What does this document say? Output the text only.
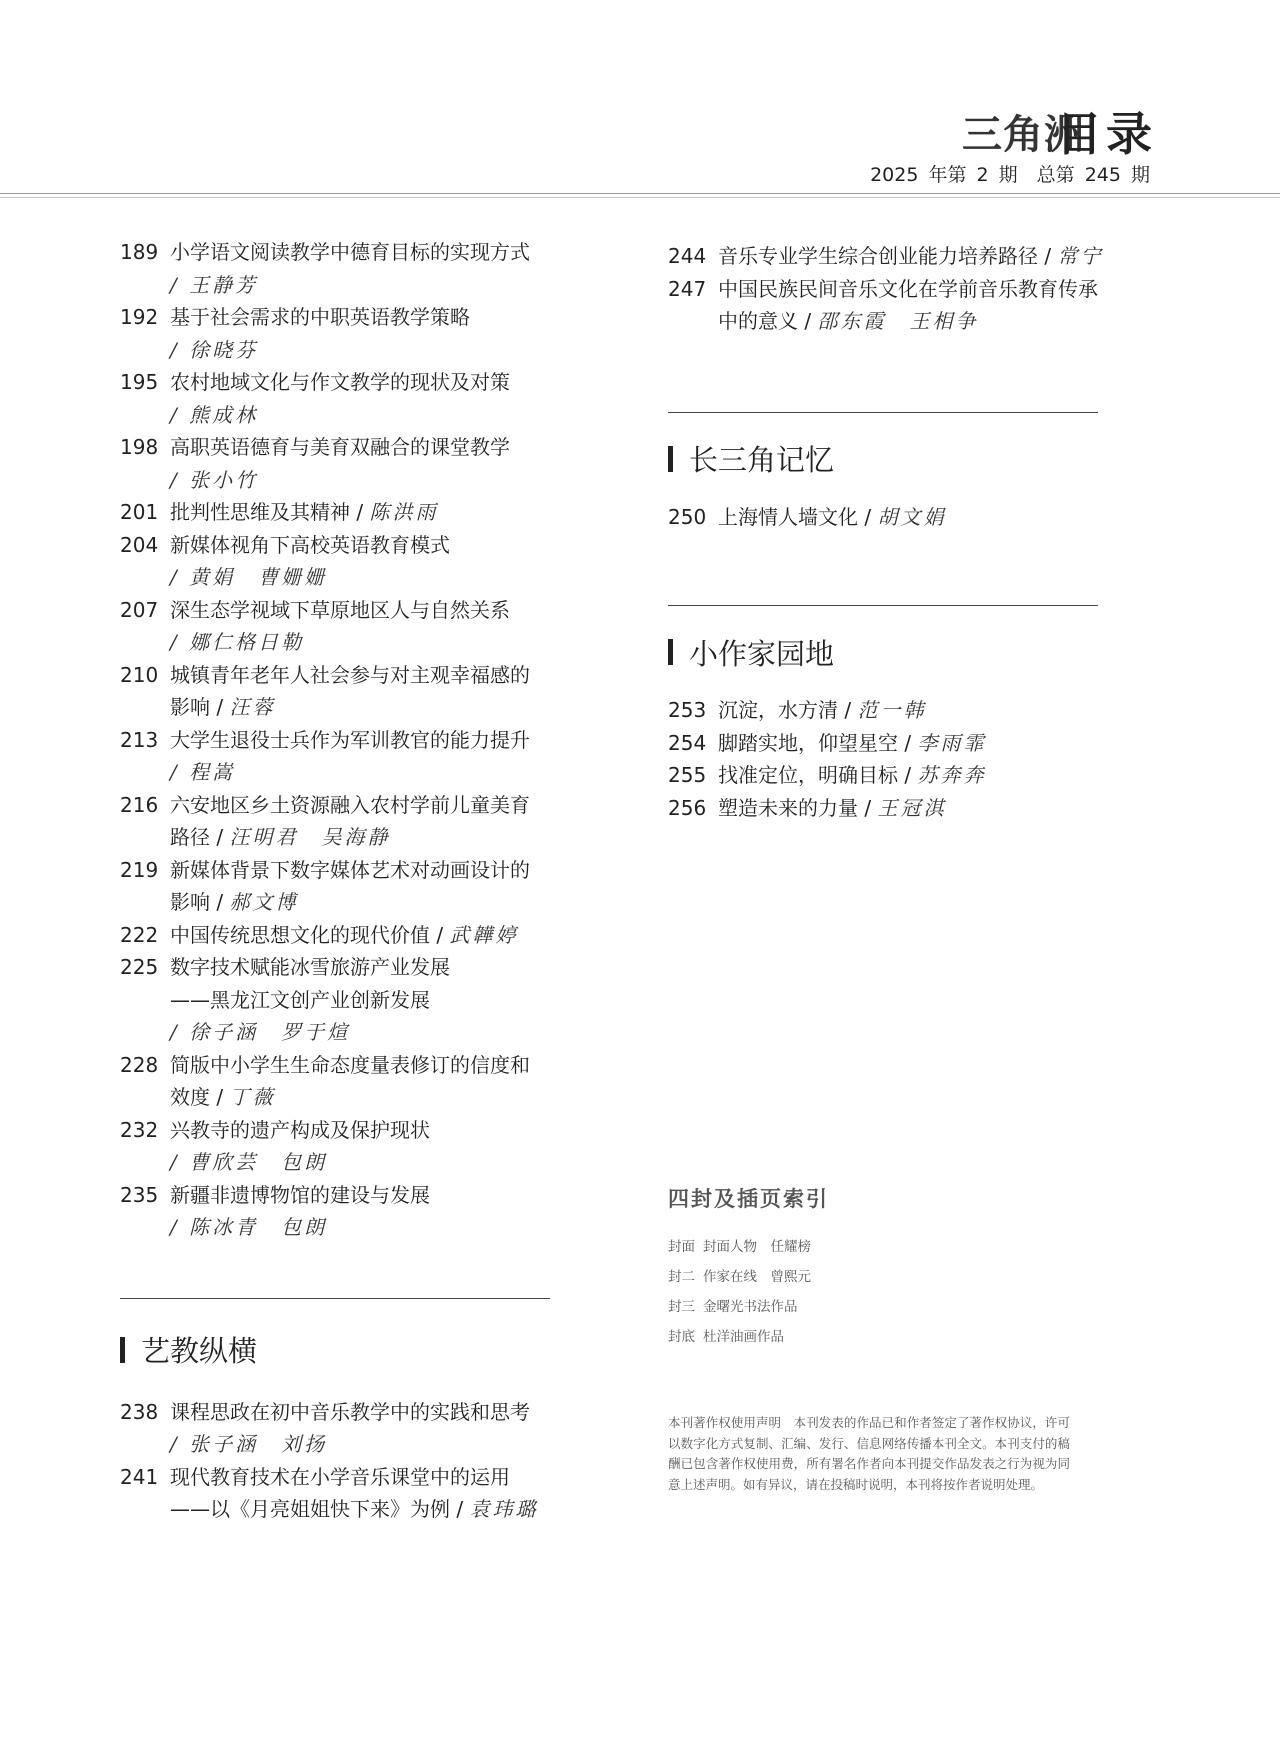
三角洲
目录
2025 年第 2 期　总第 245 期
189 小学语文阅读教学中德育目标的实现方式
/ 王静芳
192 基于社会需求的中职英语教学策略
/ 徐晓芬
195 农村地域文化与作文教学的现状及对策
/ 熊成林
198 高职英语德育与美育双融合的课堂教学
/ 张小竹
201 批判性思维及其精神 / 陈洪雨
204 新媒体视角下高校英语教育模式
/ 黄娟　曹姗姗
207 深生态学视域下草原地区人与自然关系
/ 娜仁格日勒
210 城镇青年老年人社会参与对主观幸福感的
影响 / 汪蓉
213 大学生退役士兵作为军训教官的能力提升
/ 程嵩
216 六安地区乡土资源融入农村学前儿童美育
路径 / 汪明君　吴海静
219 新媒体背景下数字媒体艺术对动画设计的
影响 / 郝文博
222 中国传统思想文化的现代价值 / 武韡婷
225 数字技术赋能冰雪旅游产业发展
——黑龙江文创产业创新发展
/ 徐子涵　罗于煊
228 简版中小学生生命态度量表修订的信度和
效度 / 丁薇
232 兴教寺的遗产构成及保护现状
/ 曹欣芸　包朗
235 新疆非遗博物馆的建设与发展
/ 陈冰青　包朗
艺教纵横
238 课程思政在初中音乐教学中的实践和思考
/ 张子涵　刘扬
241 现代教育技术在小学音乐课堂中的运用
——以《月亮姐姐快下来》为例 / 袁玮璐
244 音乐专业学生综合创业能力培养路径 / 常宁
247 中国民族民间音乐文化在学前音乐教育传承
中的意义 / 邵东霞　王相争
长三角记忆
250 上海情人墙文化 / 胡文娟
小作家园地
253 沉淀，水方清 / 范一韩
254 脚踏实地，仰望星空 / 李雨霏
255 找准定位，明确目标 / 苏奔奔
256 塑造未来的力量 / 王冠淇
四封及插页索引
封面 封面人物　任耀榜
封二 作家在线　曾熙元
封三 金曙光书法作品
封底 杜洋油画作品
本刊著作权使用声明　本刊发表的作品已和作者签定了著作权协议，许可以数字化方式复制、汇编、发行、信息网络传播本刊全文。本刊支付的稿酬已包含著作权使用费，所有署名作者向本刊提交作品发表之行为视为同意上述声明。如有异议，请在投稿时说明，本刊将按作者说明处理。
